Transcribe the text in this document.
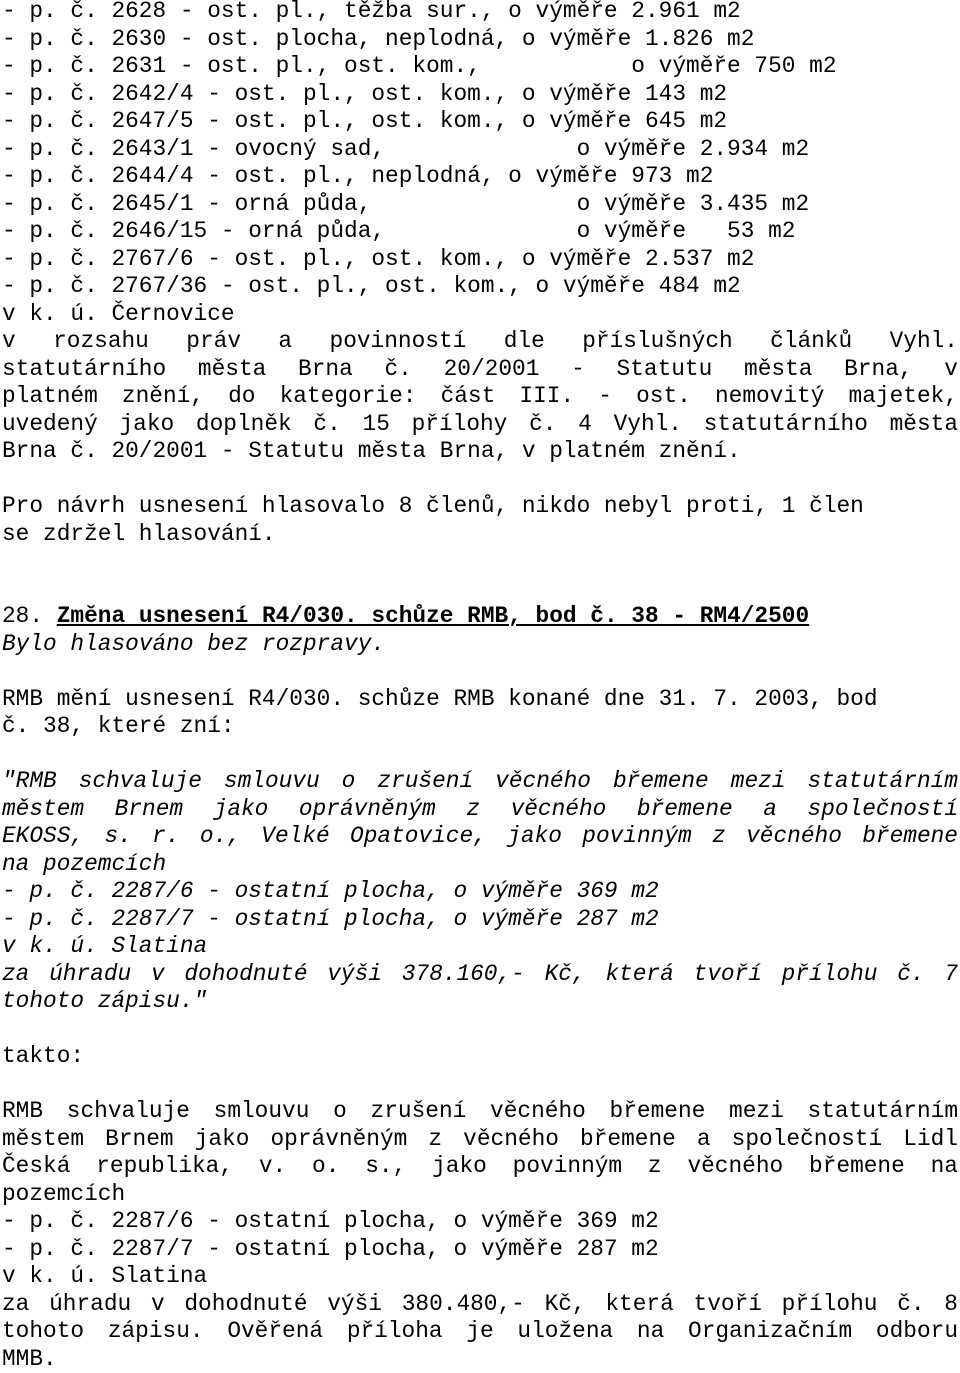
- p. č. 2628 - ost. pl., těžba sur., o výměře 2.961 m2
- p. č. 2630 - ost. plocha, neplodná, o výměře 1.826 m2
- p. č. 2631 - ost. pl., ost. kom.,           o výměře 750 m2
- p. č. 2642/4 - ost. pl., ost. kom., o výměře 143 m2
- p. č. 2647/5 - ost. pl., ost. kom., o výměře 645 m2
- p. č. 2643/1 - ovocný sad,              o výměře 2.934 m2
- p. č. 2644/4 - ost. pl., neplodná, o výměře 973 m2
- p. č. 2645/1 - orná půda,               o výměře 3.435 m2
- p. č. 2646/15 - orná půda,              o výměře   53 m2
- p. č. 2767/6 - ost. pl., ost. kom., o výměře 2.537 m2
- p. č. 2767/36 - ost. pl., ost. kom., o výměře 484 m2
v k. ú. Černovice
v rozsahu práv a povinností dle příslušných článků Vyhl.
statutárního města Brna č. 20/2001 - Statutu města Brna, v
platném znění, do kategorie: část III. - ost. nemovitý majetek,
uvedený jako doplněk č. 15 přílohy č. 4 Vyhl. statutárního města
Brna č. 20/2001 - Statutu města Brna, v platném znění.
Pro návrh usnesení hlasovalo 8 členů, nikdo nebyl proti, 1 člen
se zdržel hlasování.
28. Změna usnesení R4/030. schůze RMB, bod č. 38 - RM4/2500
Bylo hlasováno bez rozpravy.
RMB mění usnesení R4/030. schůze RMB konané dne 31. 7. 2003, bod
č. 38, které zní:
"RMB schvaluje smlouvu o zrušení věcného břemene mezi statutárním
městem Brnem jako oprávněným z věcného břemene a společností
EKOSS, s. r. o., Velké Opatovice, jako povinným z věcného břemene
na pozemcích
- p. č. 2287/6 - ostatní plocha, o výměře 369 m2
- p. č. 2287/7 - ostatní plocha, o výměře 287 m2
v k. ú. Slatina
za úhradu v dohodnuté výši 378.160,- Kč, která tvoří přílohu č. 7
tohoto zápisu."
takto:
RMB schvaluje smlouvu o zrušení věcného břemene mezi statutárním
městem Brnem jako oprávněným z věcného břemene a společností Lidl
Česká republika, v. o. s., jako povinným z věcného břemene na
pozemcích
- p. č. 2287/6 - ostatní plocha, o výměře 369 m2
- p. č. 2287/7 - ostatní plocha, o výměře 287 m2
v k. ú. Slatina
za úhradu v dohodnuté výši 380.480,- Kč, která tvoří přílohu č. 8
tohoto zápisu. Ověřená příloha je uložena na Organizačním odboru
MMB.
